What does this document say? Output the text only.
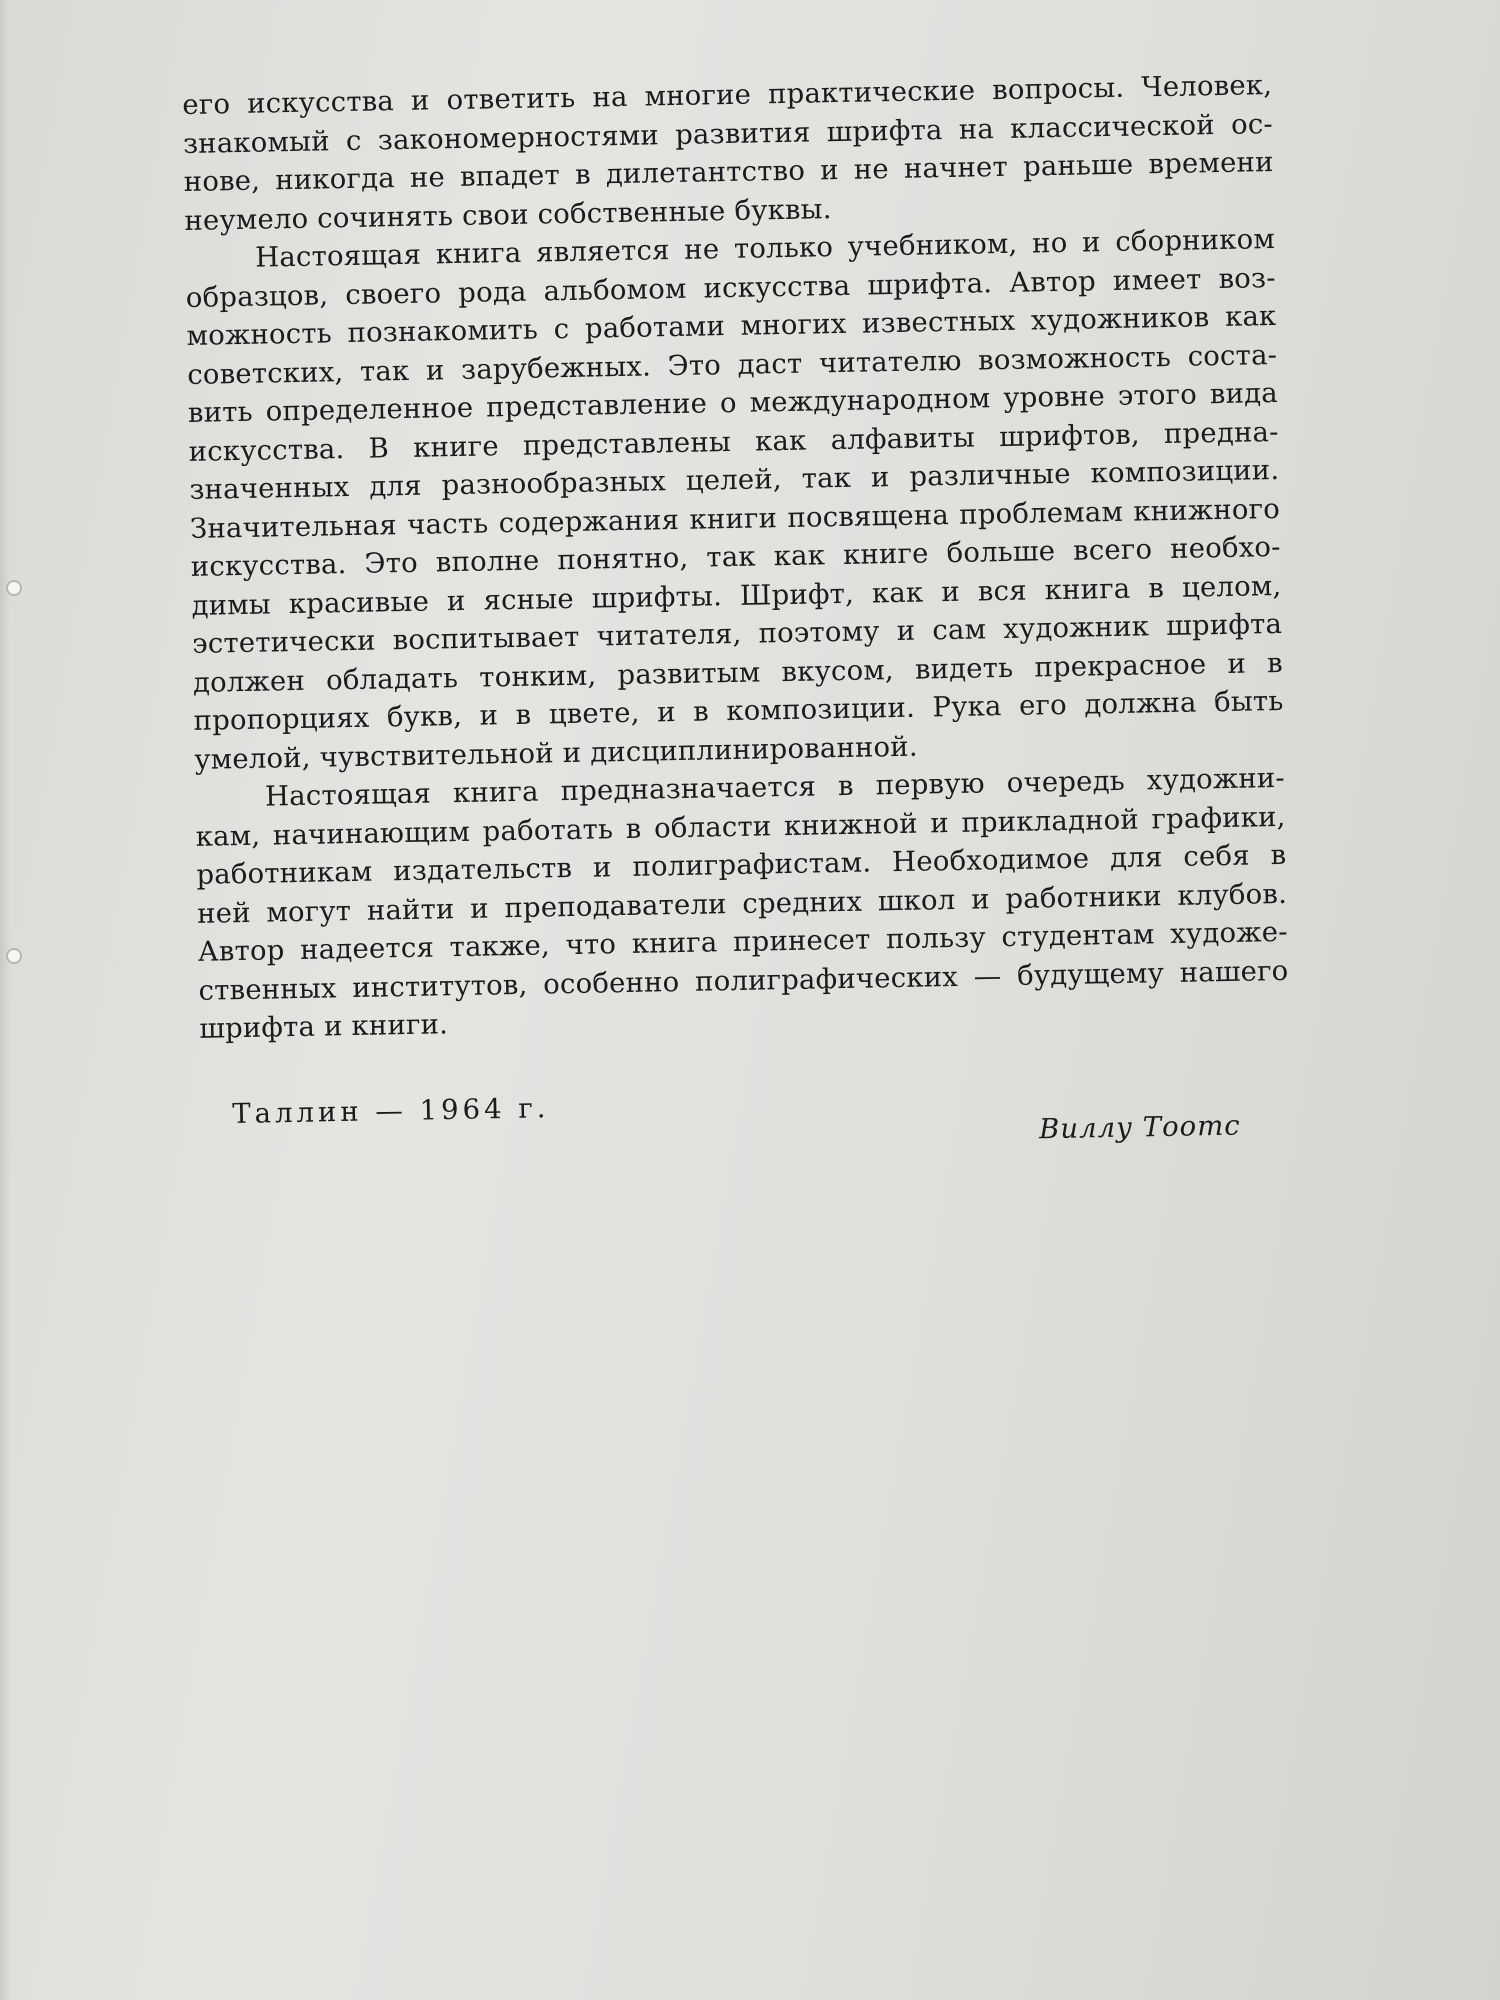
его искусства и ответить на многие практические вопросы. Человек,
знакомый с закономерностями развития шрифта на классической ос-
нове, никогда не впадет в дилетантство и не начнет раньше времени
неумело сочинять свои собственные буквы.
Настоящая книга является не только учебником, но и сборником
образцов, своего рода альбомом искусства шрифта. Автор имеет воз-
можность познакомить с работами многих известных художников как
советских, так и зарубежных. Это даст читателю возможность соста-
вить определенное представление о международном уровне этого вида
искусства. В книге представлены как алфавиты шрифтов, предна-
значенных для разнообразных целей, так и различные композиции.
Значительная часть содержания книги посвящена проблемам книжного
искусства. Это вполне понятно, так как книге больше всего необхо-
димы красивые и ясные шрифты. Шрифт, как и вся книга в целом,
эстетически воспитывает читателя, поэтому и сам художник шрифта
должен обладать тонким, развитым вкусом, видеть прекрасное и в
пропорциях букв, и в цвете, и в композиции. Рука его должна быть
умелой, чувствительной и дисциплинированной.
Настоящая книга предназначается в первую очередь художни-
кам, начинающим работать в области книжной и прикладной графики,
работникам издательств и полиграфистам. Необходимое для себя в
ней могут найти и преподаватели средних школ и работники клубов.
Автор надеется также, что книга принесет пользу студентам художе-
ственных институтов, особенно полиграфических — будущему нашего
шрифта и книги.
Таллин — 1964 г.	Виллу Тоотс
